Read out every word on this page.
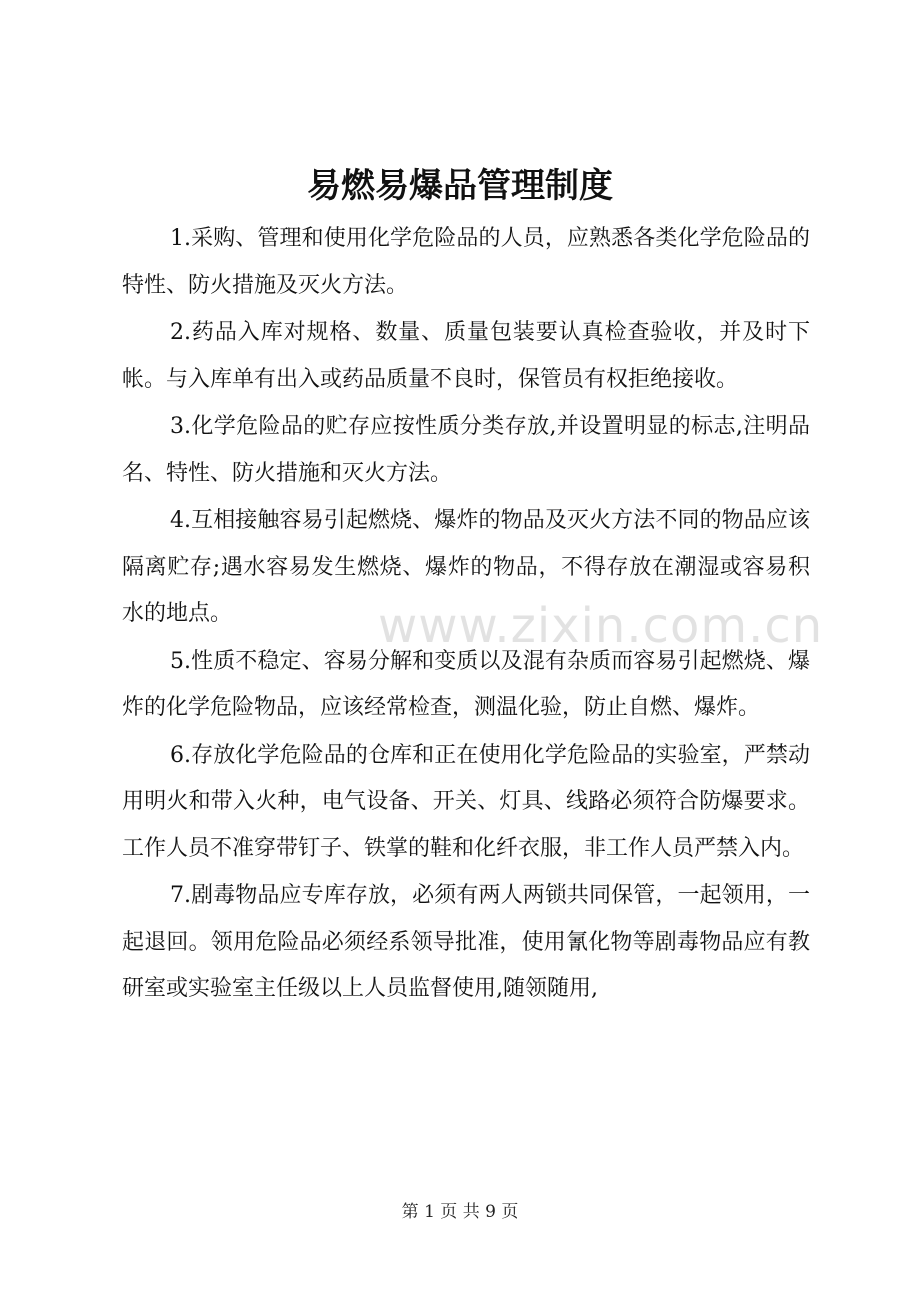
易燃易爆品管理制度

1.采购、管理和使用化学危险品的人员，应熟悉各类化学危险品的特性、防火措施及灭火方法。

2.药品入库对规格、数量、质量包装要认真检查验收，并及时下帐。与入库单有出入或药品质量不良时，保管员有权拒绝接收。

3.化学危险品的贮存应按性质分类存放,并设置明显的标志,注明品名、特性、防火措施和灭火方法。

4.互相接触容易引起燃烧、爆炸的物品及灭火方法不同的物品应该隔离贮存;遇水容易发生燃烧、爆炸的物品，不得存放在潮湿或容易积水的地点。

5.性质不稳定、容易分解和变质以及混有杂质而容易引起燃烧、爆炸的化学危险物品，应该经常检查，测温化验，防止自燃、爆炸。

6.存放化学危险品的仓库和正在使用化学危险品的实验室，严禁动用明火和带入火种，电气设备、开关、灯具、线路必须符合防爆要求。工作人员不准穿带钉子、铁掌的鞋和化纤衣服，非工作人员严禁入内。

7.剧毒物品应专库存放，必须有两人两锁共同保管，一起领用，一起退回。领用危险品必须经系领导批准，使用氰化物等剧毒物品应有教研室或实验室主任级以上人员监督使用,随领随用,

www.zixin.com.cn
第 1 页 共 9 页
